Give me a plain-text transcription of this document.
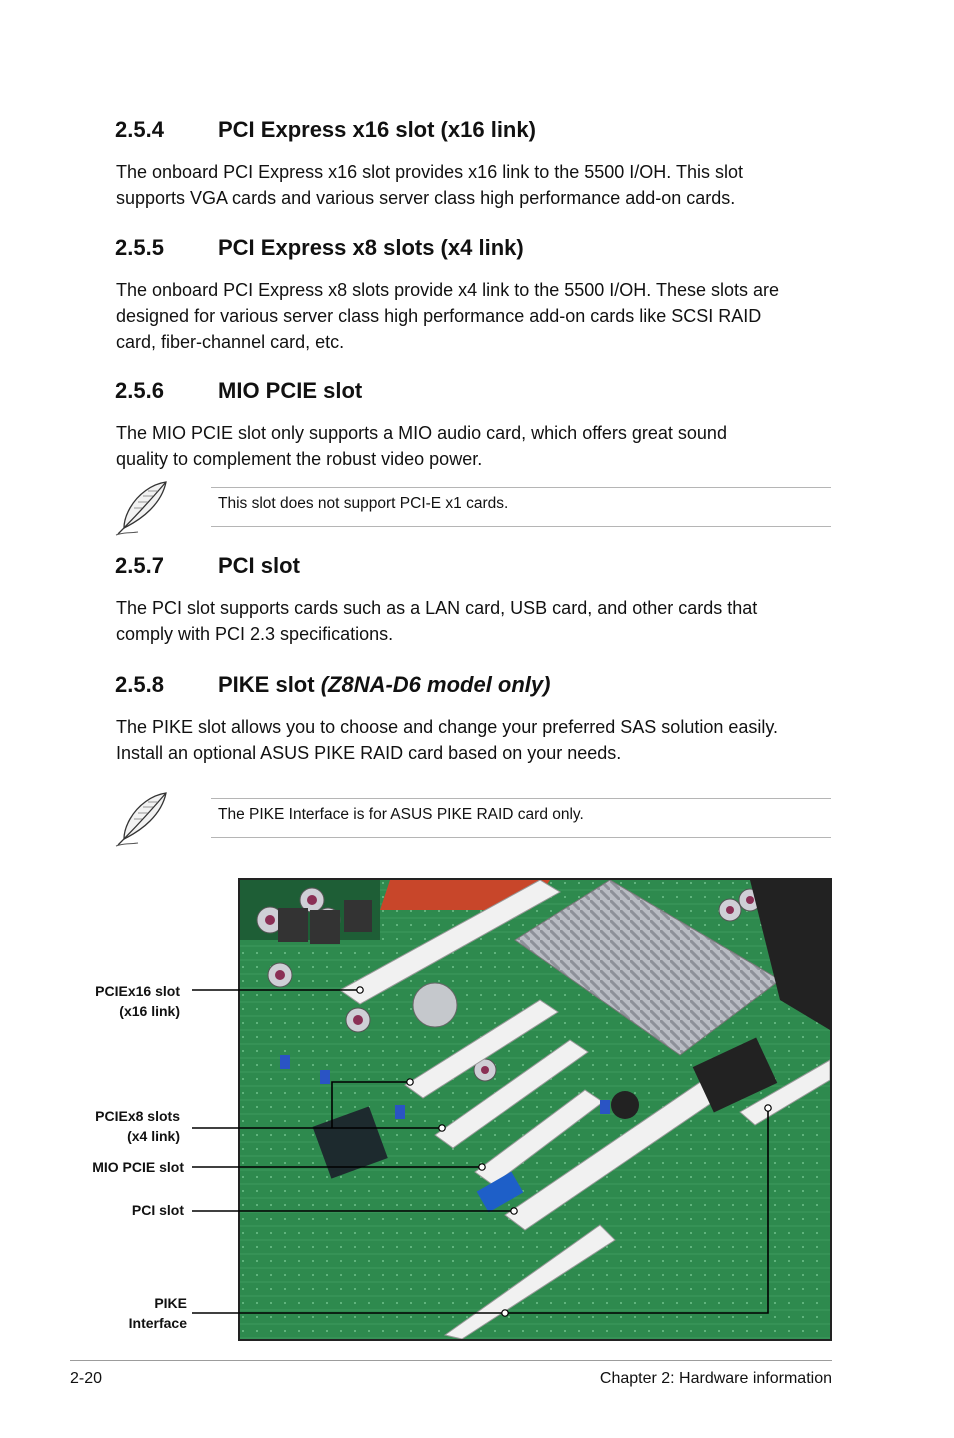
2.5.4 PCI Express x16 slot (x16 link)
The onboard PCI Express x16 slot provides x16 link to the 5500 I/OH. This slot
supports VGA cards and various server class high performance add-on cards.
2.5.5 PCI Express x8 slots (x4 link)
The onboard PCI Express x8 slots provide x4 link to the 5500 I/OH. These slots are
designed for various server class high performance add-on cards like SCSI RAID
card, fiber-channel card, etc.
2.5.6 MIO PCIE slot
The MIO PCIE slot only supports a MIO audio card, which offers great sound
quality to complement the robust video power.
This slot does not support PCI-E x1 cards.
2.5.7 PCI slot
The PCI slot supports cards such as a LAN card, USB card, and other cards that
comply with PCI 2.3 specifications.
2.5.8 PIKE slot (Z8NA-D6 model only)
The PIKE slot allows you to choose and change your preferred SAS solution easily.
Install an optional ASUS PIKE RAID card based on your needs.
The PIKE Interface is for ASUS PIKE RAID card only.
PCIEx16 slot
(x16 link)
PCIEx8 slots
(x4 link)
MIO PCIE slot
PCI slot
PIKE
Interface
2-20	Chapter 2: Hardware information
